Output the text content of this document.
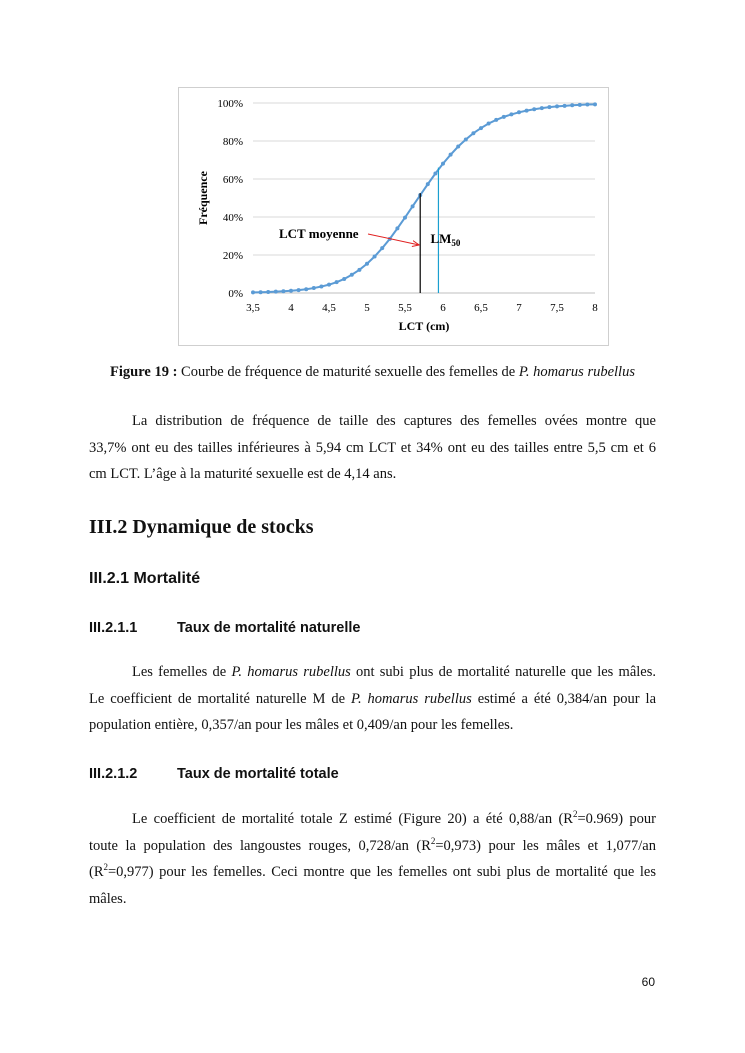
LCT moyenne	$LM_{50}$
0%
20%
40%
60%
80%
100%
3,5	4	4,5	5	5,5	6	6,5	7	7,5	8
LCT (cm)
Fréquence
Figure 19 : Courbe de fréquence de maturité sexuelle des femelles de P. homarus rubellus
La distribution de fréquence de taille des captures des femelles ovées montre que
33,7% ont eu des tailles inférieures à 5,94 cm LCT et 34% ont eu des tailles entre 5,5 cm et 6
cm LCT. L’âge à la maturité sexuelle est de 4,14 ans.
III.2 Dynamique de stocks
III.2.1 Mortalité
III.2.1.1	Taux de mortalité naturelle
Les femelles de P. homarus rubellus ont subi plus de mortalité naturelle que les mâles.
Le coefficient de mortalité naturelle M de P. homarus rubellus estimé a été 0,384/an pour la
population entière, 0,357/an pour les mâles et 0,409/an pour les femelles.
III.2.1.2	Taux de mortalité totale
Le coefficient de mortalité totale Z estimé (Figure 20) a été 0,88/an $(R^2=0.969)$ pour
toute la population des langoustes rouges, 0,728/an $(R^2=0,973)$ pour les mâles et 1,077/an
$(R^2=0,977)$ pour les femelles. Ceci montre que les femelles ont subi plus de mortalité que les
mâles.
60
